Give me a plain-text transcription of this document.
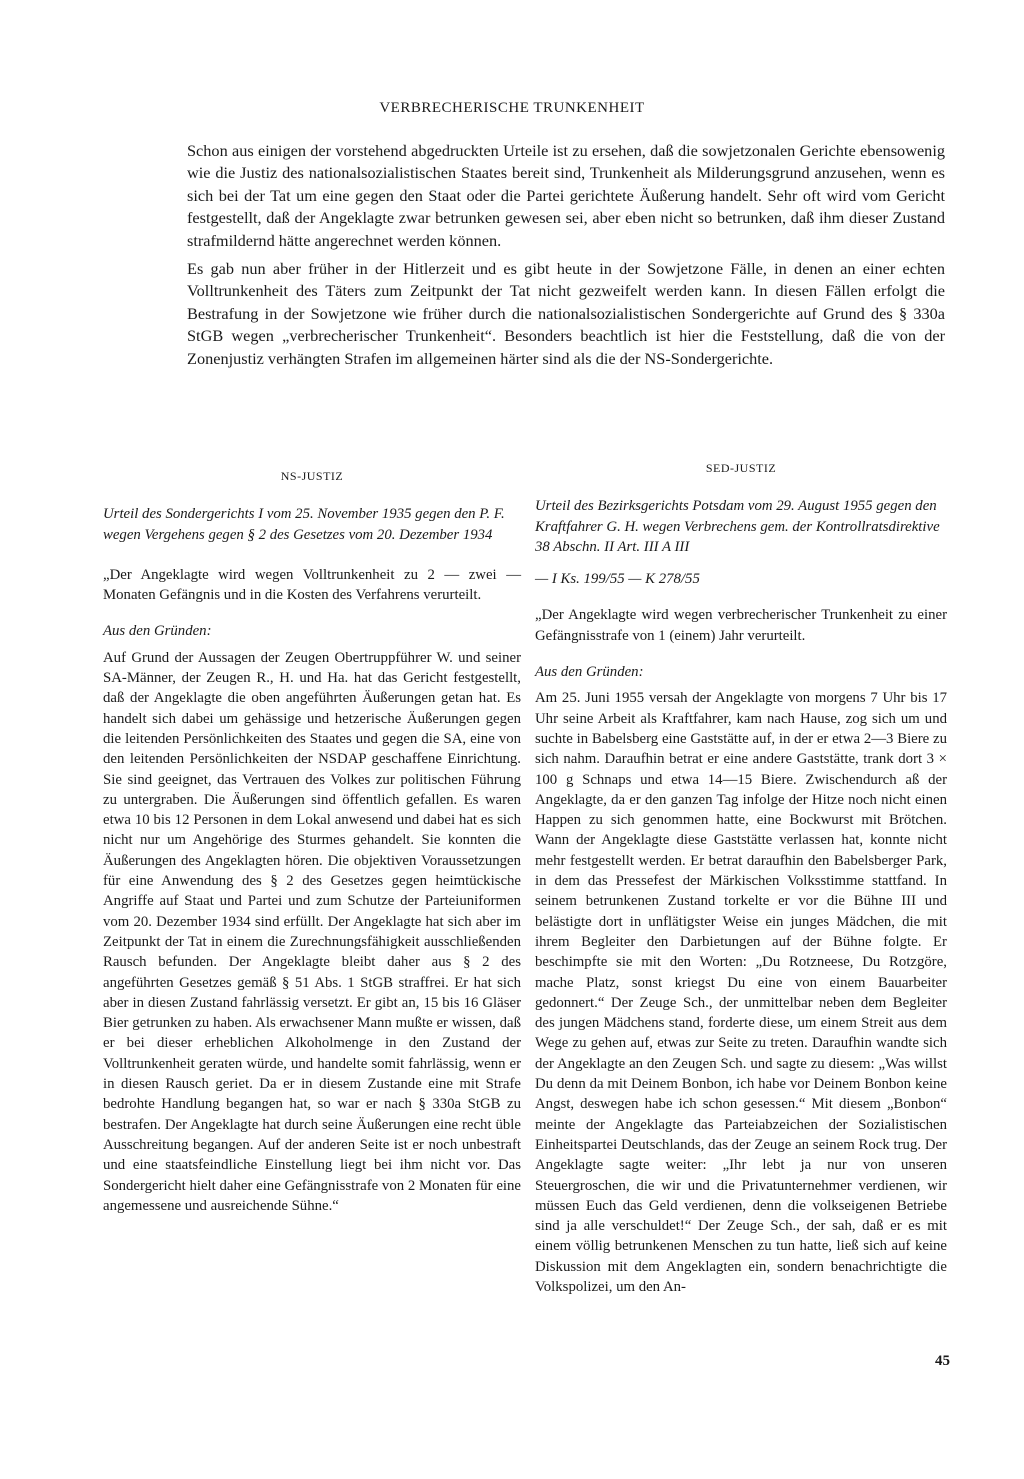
VERBRECHERISCHE TRUNKENHEIT

Schon aus einigen der vorstehend abgedruckten Urteile ist zu ersehen, daß die sowjetzonalen Gerichte ebensowenig wie die Justiz des nationalsozialistischen Staates bereit sind, Trunkenheit als Milderungsgrund anzusehen, wenn es sich bei der Tat um eine gegen den Staat oder die Partei gerichtete Äußerung handelt. Sehr oft wird vom Gericht festgestellt, daß der Angeklagte zwar betrunken gewesen sei, aber eben nicht so betrunken, daß ihm dieser Zustand strafmildernd hätte angerechnet werden können.

Es gab nun aber früher in der Hitlerzeit und es gibt heute in der Sowjetzone Fälle, in denen an einer echten Volltrunkenheit des Täters zum Zeitpunkt der Tat nicht gezweifelt werden kann. In diesen Fällen erfolgt die Bestrafung in der Sowjetzone wie früher durch die nationalsozialistischen Sondergerichte auf Grund des § 330a StGB wegen „verbrecherischer Trunkenheit“. Besonders beachtlich ist hier die Feststellung, daß die von der Zonenjustiz verhängten Strafen im allgemeinen härter sind als die der NS-Sondergerichte.

NS-JUSTIZ

Urteil des Sondergerichts I vom 25. November 1935 gegen den P. F. wegen Vergehens gegen § 2 des Gesetzes vom 20. Dezember 1934

„Der Angeklagte wird wegen Volltrunkenheit zu 2 — zwei — Monaten Gefängnis und in die Kosten des Verfahrens verurteilt.

Aus den Gründen:

Auf Grund der Aussagen der Zeugen Obertruppführer W. und seiner SA-Männer, der Zeugen R., H. und Ha. hat das Gericht festgestellt, daß der Angeklagte die oben angeführten Äußerungen getan hat. Es handelt sich dabei um gehässige und hetzerische Äußerungen gegen die leitenden Persönlichkeiten des Staates und gegen die SA, eine von den leitenden Persönlichkeiten der NSDAP geschaffene Einrichtung. Sie sind geeignet, das Vertrauen des Volkes zur politischen Führung zu untergraben. Die Äußerungen sind öffentlich gefallen. Es waren etwa 10 bis 12 Personen in dem Lokal anwesend und dabei hat es sich nicht nur um Angehörige des Sturmes gehandelt. Sie konnten die Äußerungen des Angeklagten hören. Die objektiven Voraussetzungen für eine Anwendung des § 2 des Gesetzes gegen heimtückische Angriffe auf Staat und Partei und zum Schutze der Parteiuniformen vom 20. Dezember 1934 sind erfüllt. Der Angeklagte hat sich aber im Zeitpunkt der Tat in einem die Zurechnungsfähigkeit ausschließenden Rausch befunden. Der Angeklagte bleibt daher aus § 2 des angeführten Gesetzes gemäß § 51 Abs. 1 StGB straffrei. Er hat sich aber in diesen Zustand fahrlässig versetzt. Er gibt an, 15 bis 16 Gläser Bier getrunken zu haben. Als erwachsener Mann mußte er wissen, daß er bei dieser erheblichen Alkoholmenge in den Zustand der Volltrunkenheit geraten würde, und handelte somit fahrlässig, wenn er in diesen Rausch geriet. Da er in diesem Zustande eine mit Strafe bedrohte Handlung begangen hat, so war er nach § 330a StGB zu bestrafen. Der Angeklagte hat durch seine Äußerungen eine recht üble Ausschreitung begangen. Auf der anderen Seite ist er noch unbestraft und eine staatsfeindliche Einstellung liegt bei ihm nicht vor. Das Sondergericht hielt daher eine Gefängnisstrafe von 2 Monaten für eine angemessene und ausreichende Sühne.“

SED-JUSTIZ

Urteil des Bezirksgerichts Potsdam vom 29. August 1955 gegen den Kraftfahrer G. H. wegen Verbrechens gem. der Kontrollratsdirektive 38 Abschn. II Art. III A III

— I Ks. 199/55 — K 278/55

„Der Angeklagte wird wegen verbrecherischer Trunkenheit zu einer Gefängnisstrafe von 1 (einem) Jahr verurteilt.

Aus den Gründen:

Am 25. Juni 1955 versah der Angeklagte von morgens 7 Uhr bis 17 Uhr seine Arbeit als Kraftfahrer, kam nach Hause, zog sich um und suchte in Babelsberg eine Gaststätte auf, in der er etwa 2—3 Biere zu sich nahm. Daraufhin betrat er eine andere Gaststätte, trank dort 3 × 100 g Schnaps und etwa 14—15 Biere. Zwischendurch aß der Angeklagte, da er den ganzen Tag infolge der Hitze noch nicht einen Happen zu sich genommen hatte, eine Bockwurst mit Brötchen. Wann der Angeklagte diese Gaststätte verlassen hat, konnte nicht mehr festgestellt werden. Er betrat daraufhin den Babelsberger Park, in dem das Pressefest der Märkischen Volksstimme stattfand. In seinem betrunkenen Zustand torkelte er vor die Bühne III und belästigte dort in unflätigster Weise ein junges Mädchen, die mit ihrem Begleiter den Darbietungen auf der Bühne folgte. Er beschimpfte sie mit den Worten: „Du Rotzneese, Du Rotzgöre, mache Platz, sonst kriegst Du eine von einem Bauarbeiter gedonnert.“ Der Zeuge Sch., der unmittelbar neben dem Begleiter des jungen Mädchens stand, forderte diese, um einem Streit aus dem Wege zu gehen auf, etwas zur Seite zu treten. Daraufhin wandte sich der Angeklagte an den Zeugen Sch. und sagte zu diesem: „Was willst Du denn da mit Deinem Bonbon, ich habe vor Deinem Bonbon keine Angst, deswegen habe ich schon gesessen.“ Mit diesem „Bonbon“ meinte der Angeklagte das Parteiabzeichen der Sozialistischen Einheitspartei Deutschlands, das der Zeuge an seinem Rock trug. Der Angeklagte sagte weiter: „Ihr lebt ja nur von unseren Steuergroschen, die wir und die Privatunternehmer verdienen, wir müssen Euch das Geld verdienen, denn die volkseigenen Betriebe sind ja alle verschuldet!“ Der Zeuge Sch., der sah, daß er es mit einem völlig betrunkenen Menschen zu tun hatte, ließ sich auf keine Diskussion mit dem Angeklagten ein, sondern benachrichtigte die Volkspolizei, um den An-

45
